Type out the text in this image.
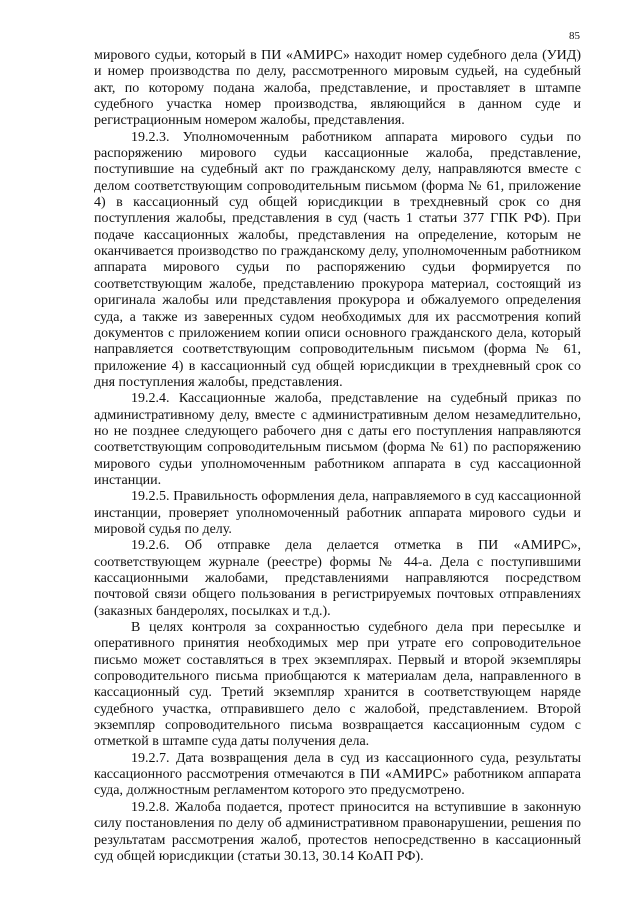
85

мирового судьи, который в ПИ «АМИРС» находит номер судебного дела (УИД) и номер производства по делу, рассмотренного мировым судьей, на судебный акт, по которому подана жалоба, представление, и проставляет в штампе судебного участка номер производства, являющийся в данном суде и регистрационным номером жалобы, представления.

19.2.3. Уполномоченным работником аппарата мирового судьи по распоряжению мирового судьи кассационные жалоба, представление, поступившие на судебный акт по гражданскому делу, направляются вместе с делом соответствующим сопроводительным письмом (форма № 61, приложение 4) в кассационный суд общей юрисдикции в трехдневный срок со дня поступления жалобы, представления в суд (часть 1 статьи 377 ГПК РФ). При подаче кассационных жалобы, представления на определение, которым не оканчивается производство по гражданскому делу, уполномоченным работником аппарата мирового судьи по распоряжению судьи формируется по соответствующим жалобе, представлению прокурора материал, состоящий из оригинала жалобы или представления прокурора и обжалуемого определения суда, а также из заверенных судом необходимых для их рассмотрения копий документов с приложением копии описи основного гражданского дела, который направляется соответствующим сопроводительным письмом (форма № 61, приложение 4) в кассационный суд общей юрисдикции в трехдневный срок со дня поступления жалобы, представления.

19.2.4. Кассационные жалоба, представление на судебный приказ по административному делу, вместе с административным делом незамедлительно, но не позднее следующего рабочего дня с даты его поступления направляются соответствующим сопроводительным письмом (форма № 61) по распоряжению мирового судьи уполномоченным работником аппарата в суд кассационной инстанции.

19.2.5. Правильность оформления дела, направляемого в суд кассационной инстанции, проверяет уполномоченный работник аппарата мирового судьи и мировой судья по делу.

19.2.6. Об отправке дела делается отметка в ПИ «АМИРС», соответствующем журнале (реестре) формы № 44-а. Дела с поступившими кассационными жалобами, представлениями направляются посредством почтовой связи общего пользования в регистрируемых почтовых отправлениях (заказных бандеролях, посылках и т.д.).

В целях контроля за сохранностью судебного дела при пересылке и оперативного принятия необходимых мер при утрате его сопроводительное письмо может составляться в трех экземплярах. Первый и второй экземпляры сопроводительного письма приобщаются к материалам дела, направленного в кассационный суд. Третий экземпляр хранится в соответствующем наряде судебного участка, отправившего дело с жалобой, представлением. Второй экземпляр сопроводительного письма возвращается кассационным судом с отметкой в штампе суда даты получения дела.

19.2.7. Дата возвращения дела в суд из кассационного суда, результаты кассационного рассмотрения отмечаются в ПИ «АМИРС» работником аппарата суда, должностным регламентом которого это предусмотрено.

19.2.8. Жалоба подается, протест приносится на вступившие в законную силу постановления по делу об административном правонарушении, решения по результатам рассмотрения жалоб, протестов непосредственно в кассационный суд общей юрисдикции (статьи 30.13, 30.14 КоАП РФ).
